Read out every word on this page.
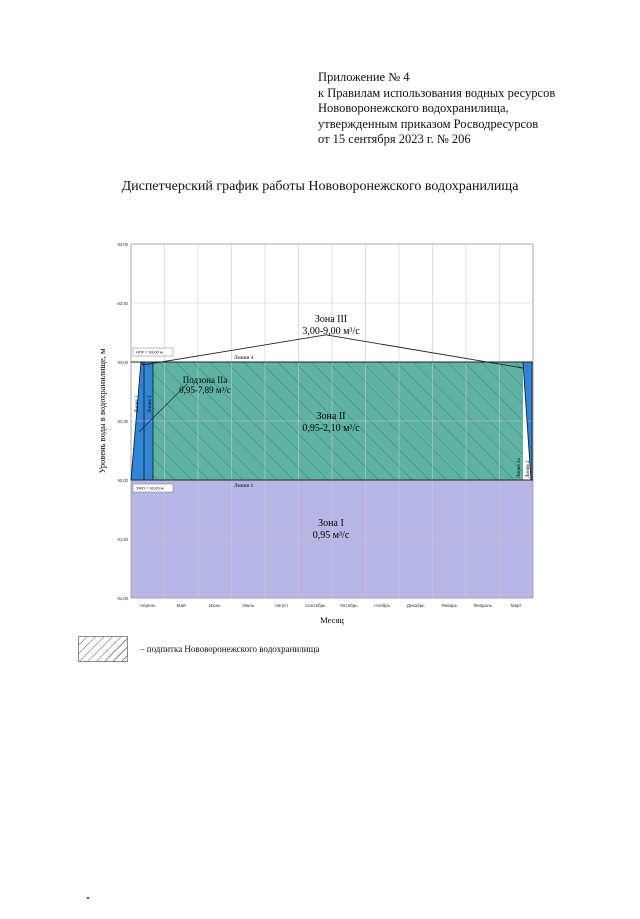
Приложение № 4
к Правилам использования водных ресурсов
Нововоронежского водохранилища,
утвержденным приказом Росводресурсов
от 15 сентября 2023 г. № 206
Диспетчерский график работы Нововоронежского водохранилища
91,00
91,50
92,00
92,50
93,00
93,50
94,00
Апрель	Май	Июнь	Июль	Август	Сентябрь	Октябрь	Ноябрь	Декабрь	Январь	Февраль	Март
Уровень воды в водохранилище, м
Месяц
НПУ = 93,00 м
УМО = 92,00 м
Зона III
3,00-9,00 м³/с
Зона II
0,95-2,10 м³/с
Подзона IIа
0,95-7,89 м³/с
Зона I
0,95 м³/с
Линия 4
Линия 1
Линия 1 Линия 3
Линия 2а Линия 2
– подпитка Нововоронежского водохранилища
